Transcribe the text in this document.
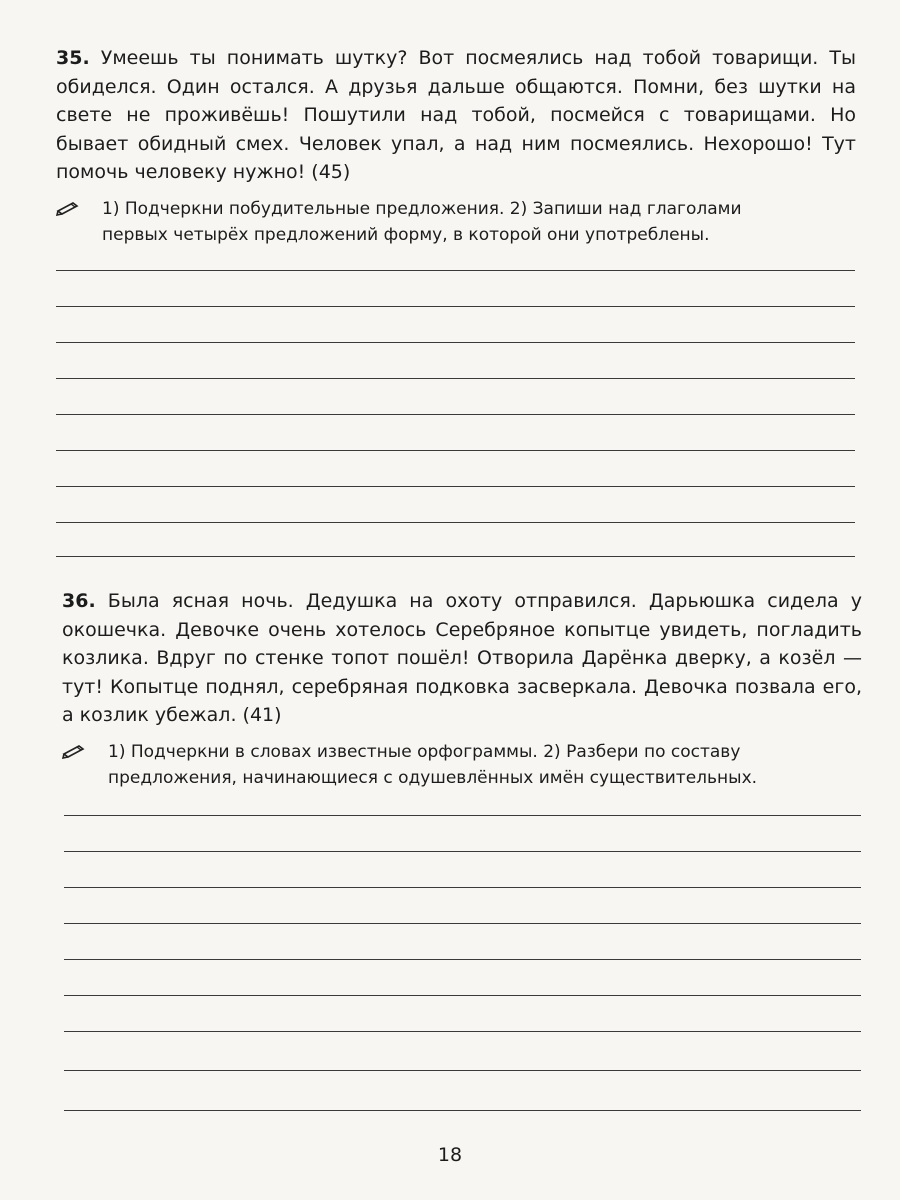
35. Умеешь ты понимать шутку? Вот посмеялись над тобой товарищи. Ты обиделся. Один остался. А друзья дальше общаются. Помни, без шутки на свете не проживёшь! Пошутили над тобой, посмейся с товарищами. Но бывает обидный смех. Человек упал, а над ним посмеялись. Нехорошо! Тут помочь человеку нужно! (45)

1) Подчеркни побудительные предложения. 2) Запиши над глаголами
первых четырёх предложений форму, в которой они употреблены.

36. Была ясная ночь. Дедушка на охоту отправился. Дарьюшка сидела у окошечка. Девочке очень хотелось Серебряное копытце увидеть, погладить козлика. Вдруг по стенке топот пошёл! Отворила Дарёнка дверку, а козёл — тут! Копытце поднял, серебряная подковка засверкала. Девочка позвала его, а козлик убежал. (41)

1) Подчеркни в словах известные орфограммы. 2) Разбери по составу
предложения, начинающиеся с одушевлённых имён существительных.
18
